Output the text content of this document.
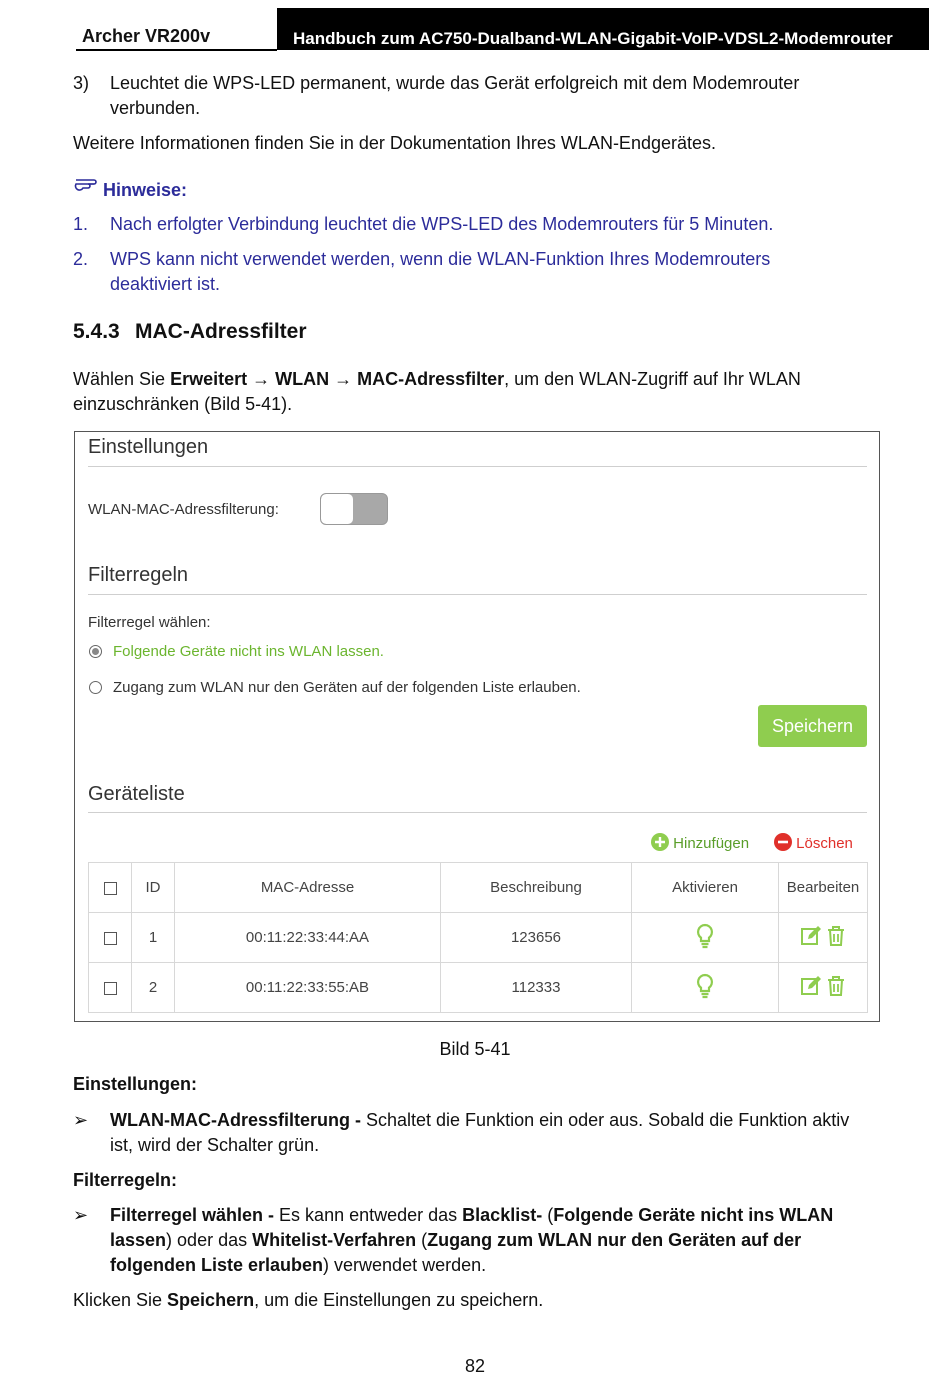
Archer VR200v	Handbuch zum AC750-Dualband-WLAN-Gigabit-VoIP-VDSL2-Modemrouter
3) Leuchtet die WPS-LED permanent, wurde das Gerät erfolgreich mit dem Modemrouter
verbunden.
Weitere Informationen finden Sie in der Dokumentation Ihres WLAN-Endgerätes.
Hinweise:
1. Nach erfolgter Verbindung leuchtet die WPS-LED des Modemrouters für 5 Minuten.
2. WPS kann nicht verwendet werden, wenn die WLAN-Funktion Ihres Modemrouters
deaktiviert ist.
5.4.3 MAC-Adressfilter
Wählen Sie Erweitert → WLAN → MAC-Adressfilter, um den WLAN-Zugriff auf Ihr WLAN
einzuschränken (Bild 5-41).
Einstellungen
WLAN-MAC-Adressfilterung:
Filterregeln
Filterregel wählen:
Folgende Geräte nicht ins WLAN lassen.
Zugang zum WLAN nur den Geräten auf der folgenden Liste erlauben.
Speichern
Geräteliste
Hinzufügen	Löschen
	ID	MAC-Adresse	Beschreibung	Aktivieren	Bearbeiten
	1	00:11:22:33:44:AA	123656		
	2	00:11:22:33:55:AB	112333		
Bild 5-41
Einstellungen:
➢ WLAN-MAC-Adressfilterung - Schaltet die Funktion ein oder aus. Sobald die Funktion aktiv
ist, wird der Schalter grün.
Filterregeln:
➢ Filterregel wählen - Es kann entweder das Blacklist- (Folgende Geräte nicht ins WLAN
lassen) oder das Whitelist-Verfahren (Zugang zum WLAN nur den Geräten auf der
folgenden Liste erlauben) verwendet werden.
Klicken Sie Speichern, um die Einstellungen zu speichern.
82
